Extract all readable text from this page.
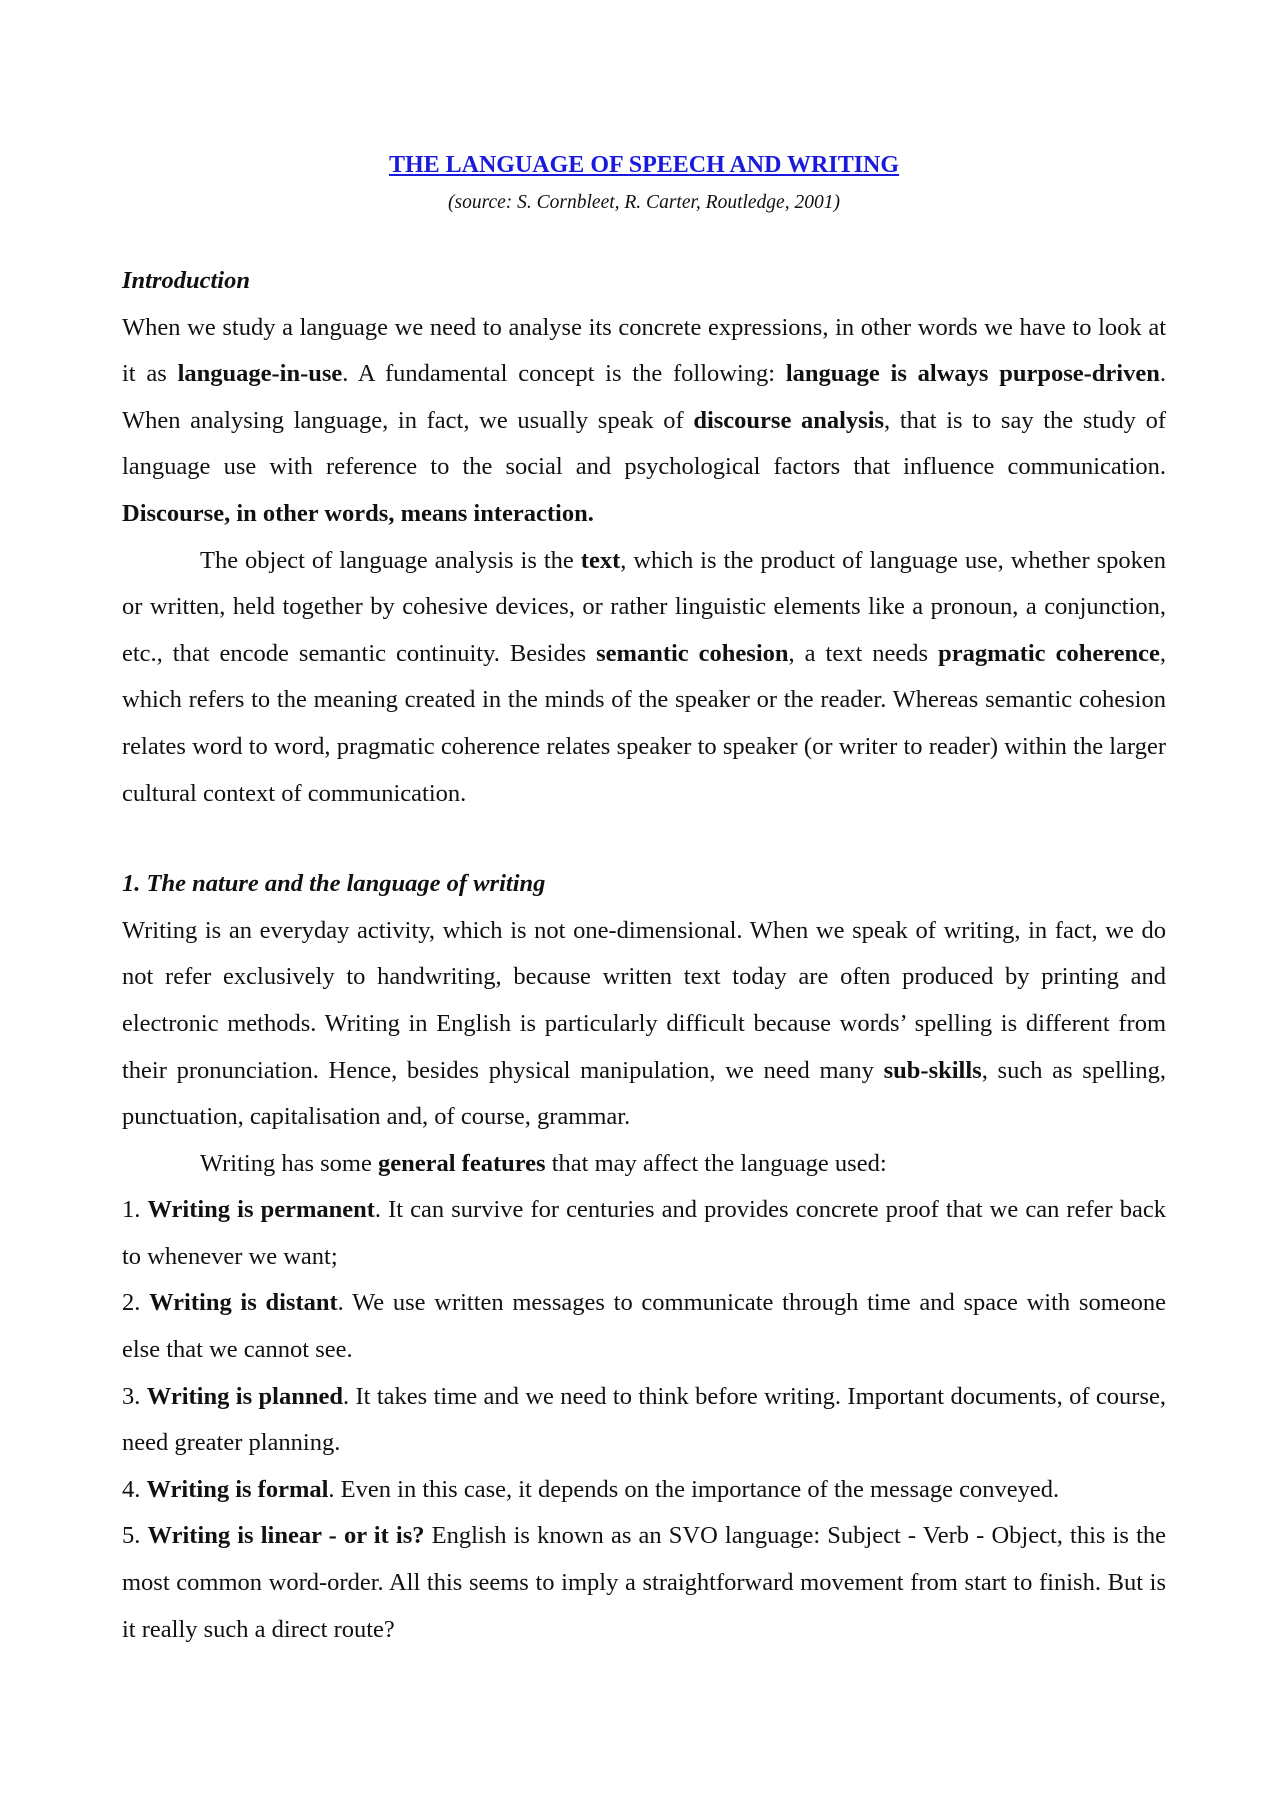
THE LANGUAGE OF SPEECH AND WRITING

(source: S. Cornbleet, R. Carter, Routledge, 2001)

Introduction

When we study a language we need to analyse its concrete expressions, in other words we have to look at it as language-in-use. A fundamental concept is the following: language is always purpose-driven. When analysing language, in fact, we usually speak of discourse analysis, that is to say the study of language use with reference to the social and psychological factors that influence communication. Discourse, in other words, means interaction.

The object of language analysis is the text, which is the product of language use, whether spoken or written, held together by cohesive devices, or rather linguistic elements like a pronoun, a conjunction, etc., that encode semantic continuity. Besides semantic cohesion, a text needs pragmatic coherence, which refers to the meaning created in the minds of the speaker or the reader. Whereas semantic cohesion relates word to word, pragmatic coherence relates speaker to speaker (or writer to reader) within the larger cultural context of communication.

1. The nature and the language of writing

Writing is an everyday activity, which is not one-dimensional. When we speak of writing, in fact, we do not refer exclusively to handwriting, because written text today are often produced by printing and electronic methods. Writing in English is particularly difficult because words’ spelling is different from their pronunciation. Hence, besides physical manipulation, we need many sub-skills, such as spelling, punctuation, capitalisation and, of course, grammar.

Writing has some general features that may affect the language used:

1. Writing is permanent. It can survive for centuries and provides concrete proof that we can refer back to whenever we want;

2. Writing is distant. We use written messages to communicate through time and space with someone else that we cannot see.

3. Writing is planned. It takes time and we need to think before writing. Important documents, of course, need greater planning.

4. Writing is formal. Even in this case, it depends on the importance of the message conveyed.

5. Writing is linear - or it is? English is known as an SVO language: Subject - Verb - Object, this is the most common word-order. All this seems to imply a straightforward movement from start to finish. But is it really such a direct route?
